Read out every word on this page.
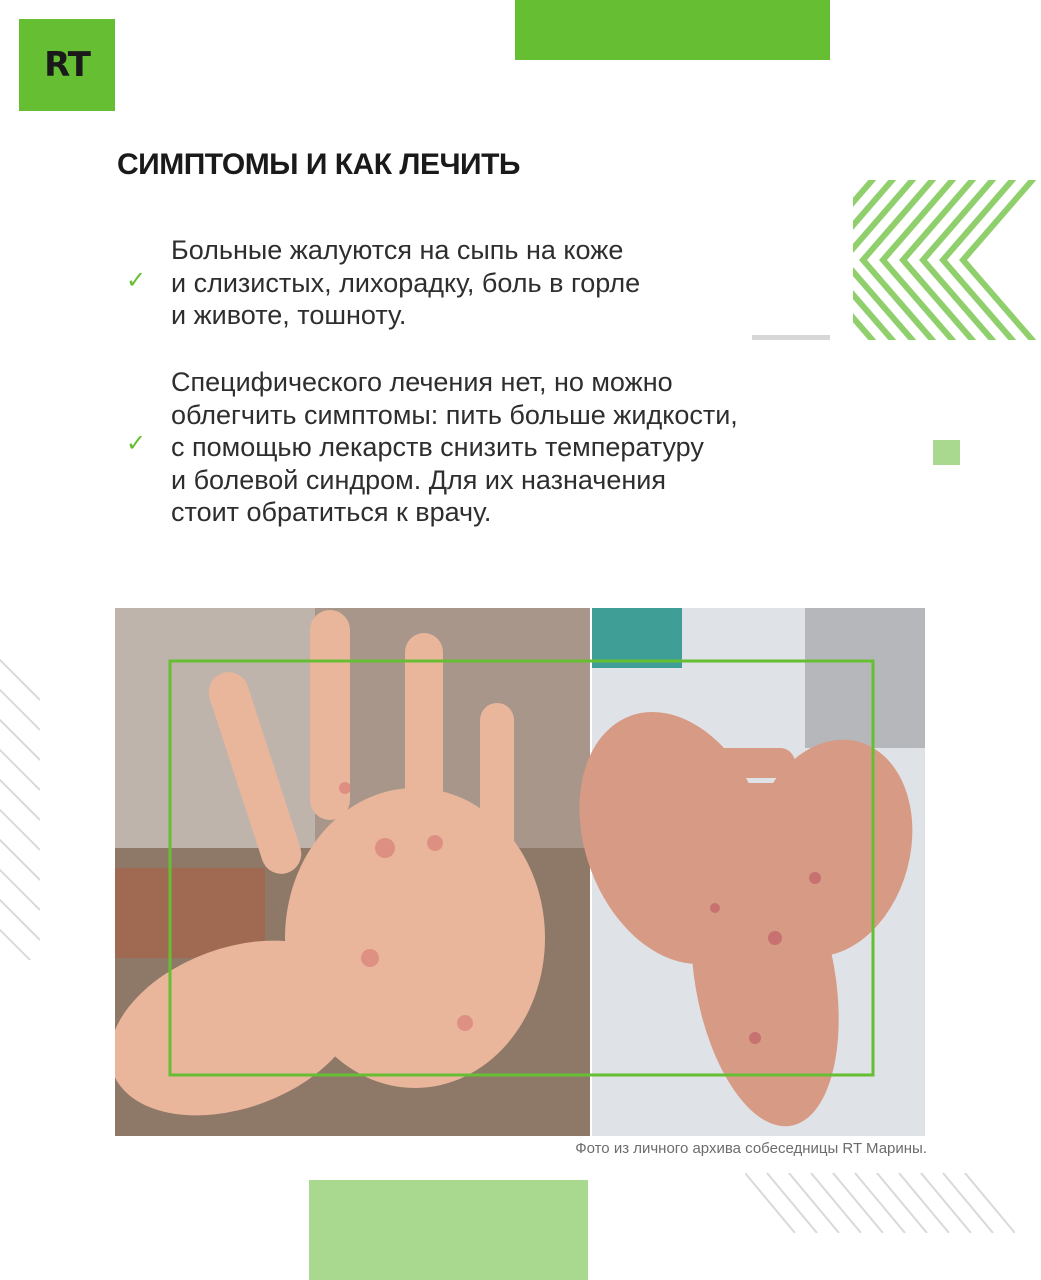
RT
СИМПТОМЫ И КАК ЛЕЧИТЬ
✓
Больные жалуются на сыпь на коже
и слизистых, лихорадку, боль в горле
и животе, тошноту.
✓
Специфического лечения нет, но можно
облегчить симптомы: пить больше жидкости,
с помощью лекарств снизить температуру
и болевой синдром. Для их назначения
стоит обратиться к врачу.
Фото из личного архива собеседницы RT Марины.
